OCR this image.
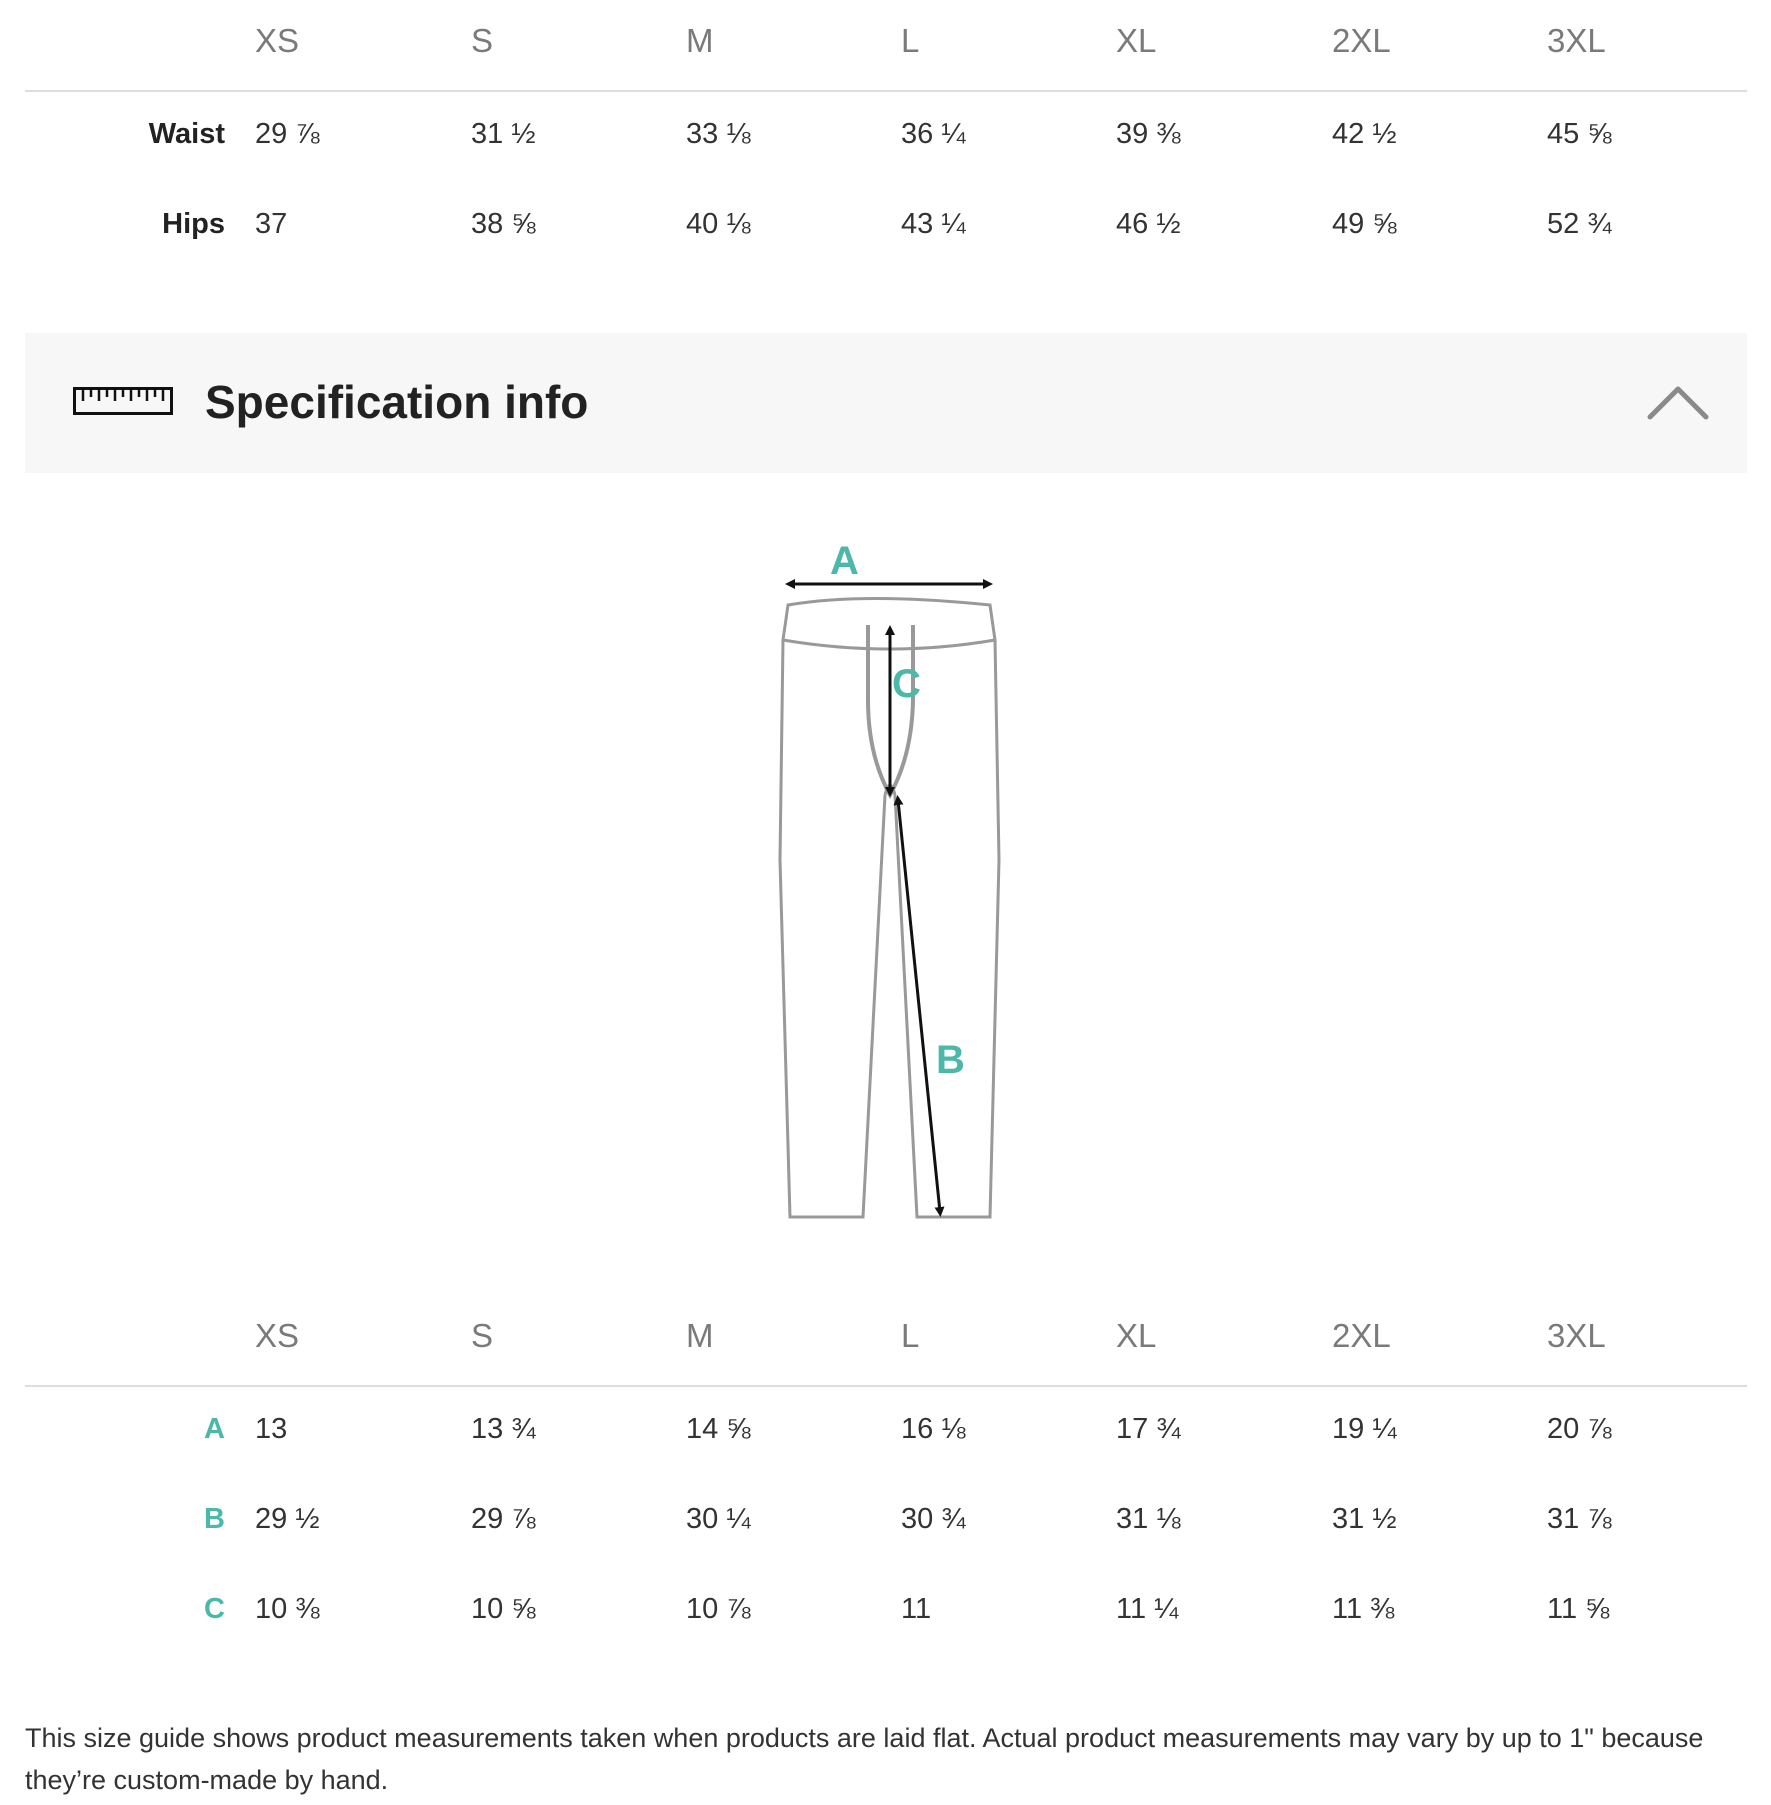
XS	S	M	L	XL	2XL	3XL
Waist 29 ⅞	31 ½	33 ⅛	36 ¼	39 ⅜	42 ½	45 ⅝
Hips 37	38 ⅝	40 ⅛	43 ¼	46 ½	49 ⅝	52 ¾
Specification info
A
C
B
XS	S	M	L	XL	2XL	3XL
A 13	13 ¾	14 ⅝	16 ⅛	17 ¾	19 ¼	20 ⅞
B 29 ½	29 ⅞	30 ¼	30 ¾	31 ⅛	31 ½	31 ⅞
C 10 ⅜	10 ⅝	10 ⅞	11	11 ¼	11 ⅜	11 ⅝

This size guide shows product measurements taken when products are laid flat. Actual product measurements may vary by up to 1" because they’re custom-made by hand.
